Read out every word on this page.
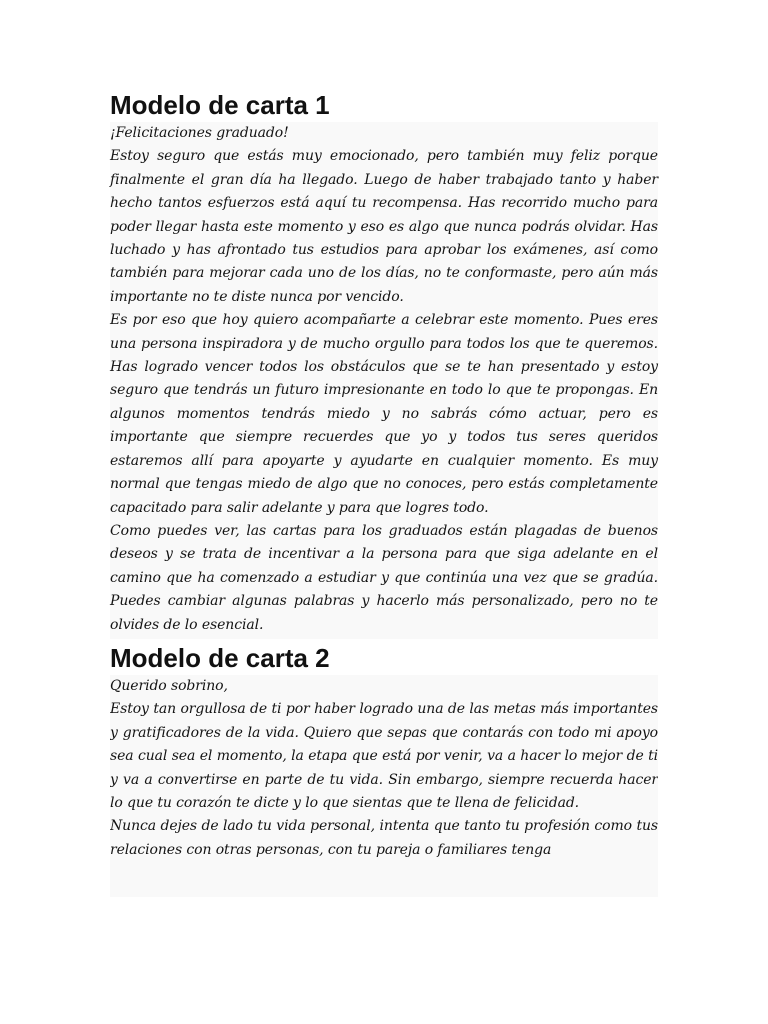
Modelo de carta 1

¡Felicitaciones graduado!

Estoy seguro que estás muy emocionado, pero también muy feliz porque finalmente el gran día ha llegado. Luego de haber trabajado tanto y haber hecho tantos esfuerzos está aquí tu recompensa. Has recorrido mucho para poder llegar hasta este momento y eso es algo que nunca podrás olvidar. Has luchado y has afrontado tus estudios para aprobar los exámenes, así como también para mejorar cada uno de los días, no te conformaste, pero aún más importante no te diste nunca por vencido.

Es por eso que hoy quiero acompañarte a celebrar este momento. Pues eres una persona inspiradora y de mucho orgullo para todos los que te queremos. Has logrado vencer todos los obstáculos que se te han presentado y estoy seguro que tendrás un futuro impresionante en todo lo que te propongas. En algunos momentos tendrás miedo y no sabrás cómo actuar, pero es importante que siempre recuerdes que yo y todos tus seres queridos estaremos allí para apoyarte y ayudarte en cualquier momento. Es muy normal que tengas miedo de algo que no conoces, pero estás completamente capacitado para salir adelante y para que logres todo.

Como puedes ver, las cartas para los graduados están plagadas de buenos deseos y se trata de incentivar a la persona para que siga adelante en el camino que ha comenzado a estudiar y que continúa una vez que se gradúa. Puedes cambiar algunas palabras y hacerlo más personalizado, pero no te olvides de lo esencial.

Modelo de carta 2

Querido sobrino,

Estoy tan orgullosa de ti por haber logrado una de las metas más importantes y gratificadores de la vida. Quiero que sepas que contarás con todo mi apoyo sea cual sea el momento, la etapa que está por venir, va a hacer lo mejor de ti y va a convertirse en parte de tu vida. Sin embargo, siempre recuerda hacer lo que tu corazón te dicte y lo que sientas que te llena de felicidad.

Nunca dejes de lado tu vida personal, intenta que tanto tu profesión como tus relaciones con otras personas, con tu pareja o familiares tenga
